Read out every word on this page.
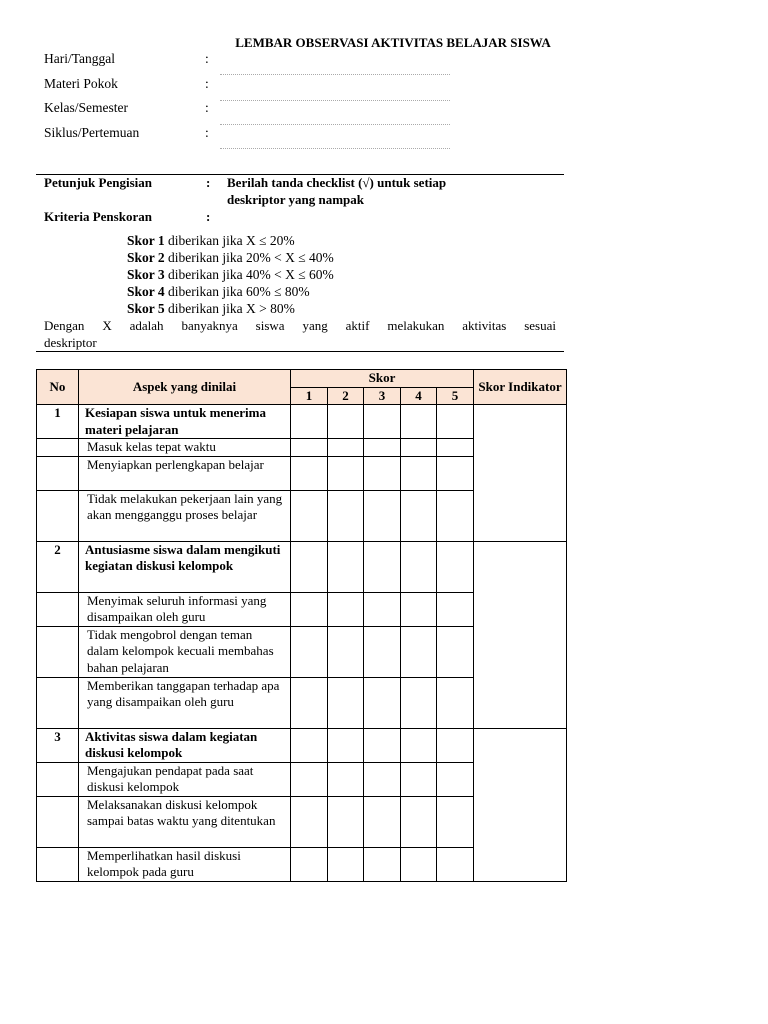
LEMBAR OBSERVASI AKTIVITAS BELAJAR SISWA
Hari/Tanggal	:
Materi Pokok	:
Kelas/Semester	:
Siklus/Pertemuan	:
Petunjuk Pengisian	: Berilah tanda checklist (√) untuk setiap
deskriptor yang nampak
Kriteria Penskoran	:
Skor 1 diberikan jika X ≤ 20%
Skor 2 diberikan jika 20% < X ≤ 40%
Skor 3 diberikan jika 40% < X ≤ 60%
Skor 4 diberikan jika 60% ≤ 80%
Skor 5 diberikan jika X > 80%
Dengan X adalah banyaknya siswa yang aktif melakukan aktivitas sesuai
deskriptor
No	Aspek yang dinilai	Skor					Skor Indikator
		1	2	3	4	5	
1	Kesiapan siswa untuk menerima materi pelajaran						
	Masuk kelas tepat waktu						
	Menyiapkan perlengkapan belajar						
	Tidak melakukan pekerjaan lain yang akan mengganggu proses belajar						
2	Antusiasme siswa dalam mengikuti kegiatan diskusi kelompok						
	Menyimak seluruh informasi yang disampaikan oleh guru						
	Tidak mengobrol dengan teman dalam kelompok kecuali membahas bahan pelajaran						
	Memberikan tanggapan terhadap apa yang disampaikan oleh guru						
3	Aktivitas siswa dalam kegiatan diskusi kelompok						
	Mengajukan pendapat pada saat diskusi kelompok						
	Melaksanakan diskusi kelompok sampai batas waktu yang ditentukan						
	Memperlihatkan hasil diskusi kelompok pada guru						
